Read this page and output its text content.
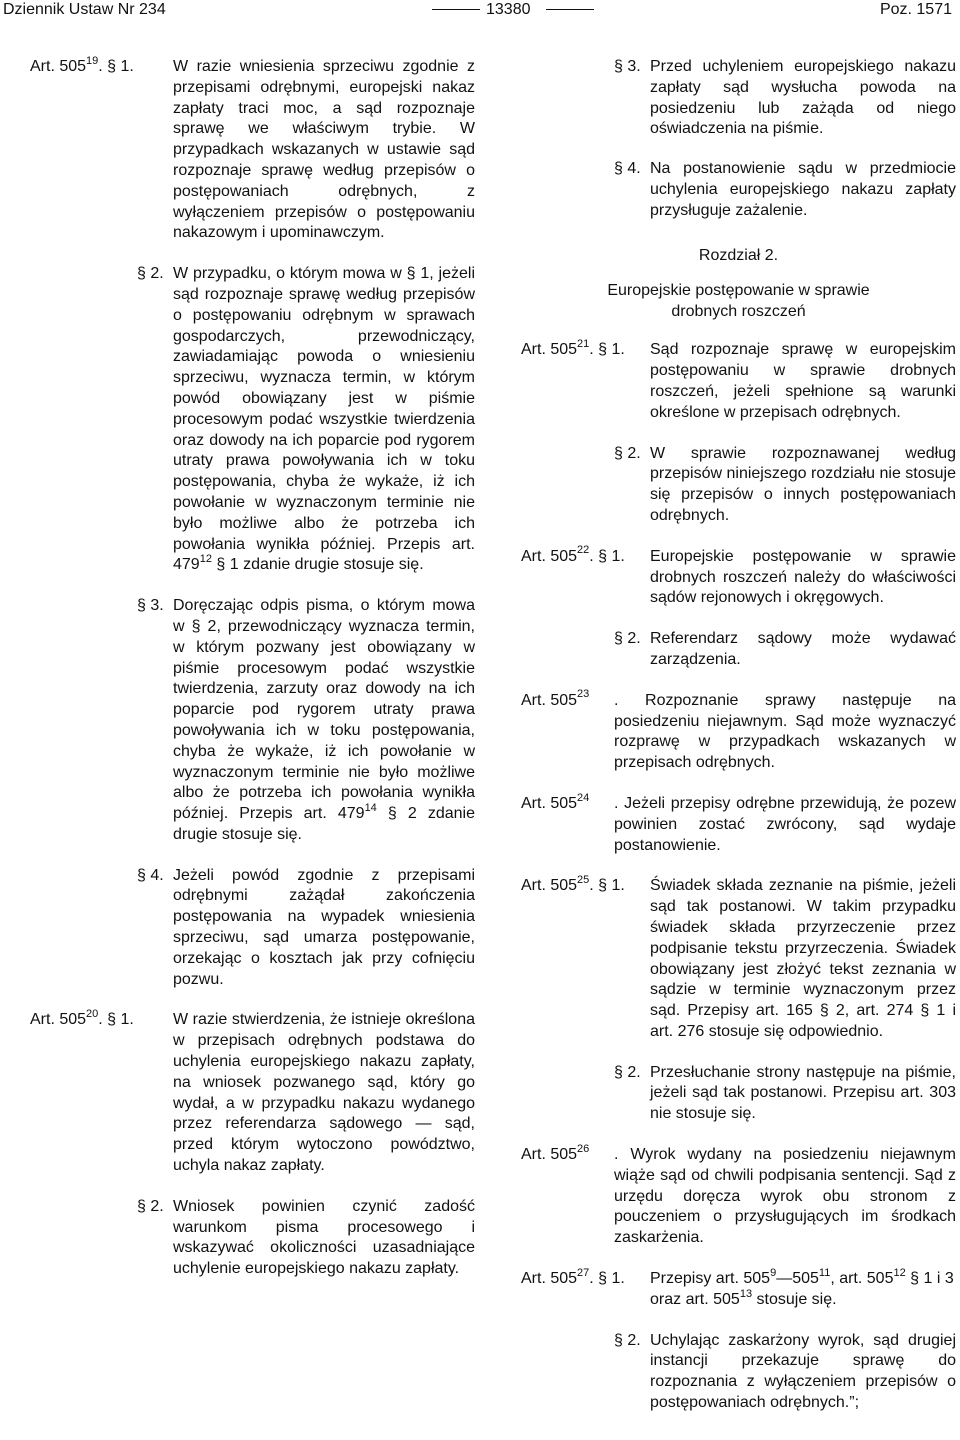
Dziennik Ustaw Nr 234	13380	Poz. 1571
Art. $505^{19}$. § 1.	W razie wniesienia sprzeciwu zgodnie z przepisami odrębnymi, europejski nakaz zapłaty traci moc, a sąd rozpoznaje sprawę we właściwym trybie. W przypadkach wskazanych w ustawie sąd rozpoznaje sprawę według przepisów o postępowaniach odrębnych, z wyłączeniem przepisów o postępowaniu nakazowym i upominawczym.
§ 2. W przypadku, o którym mowa w § 1, jeżeli sąd rozpoznaje sprawę według przepisów o postępowaniu odrębnym w sprawach gospodarczych, przewodniczący, zawiadamiając powoda o wniesieniu sprzeciwu, wyznacza termin, w którym powód obowiązany jest w piśmie procesowym podać wszystkie twierdzenia oraz dowody na ich poparcie pod rygorem utraty prawa powoływania ich w toku postępowania, chyba że wykaże, iż ich powołanie w wyznaczonym terminie nie było możliwe albo że potrzeba ich powołania wynikła później. Przepis art. $479^{12}$ § 1 zdanie drugie stosuje się.
§ 3. Doręczając odpis pisma, o którym mowa w § 2, przewodniczący wyznacza termin, w którym pozwany jest obowiązany w piśmie procesowym podać wszystkie twierdzenia, zarzuty oraz dowody na ich poparcie pod rygorem utraty prawa powoływania ich w toku postępowania, chyba że wykaże, iż ich powołanie w wyznaczonym terminie nie było możliwe albo że potrzeba ich powołania wynikła później. Przepis art. $479^{14}$ § 2 zdanie drugie stosuje się.
§ 4. Jeżeli powód zgodnie z przepisami odrębnymi zażądał zakończenia postępowania na wypadek wniesienia sprzeciwu, sąd umarza postępowanie, orzekając o kosztach jak przy cofnięciu pozwu.
Art. $505^{20}$. § 1.	W razie stwierdzenia, że istnieje określona w przepisach odrębnych podstawa do uchylenia europejskiego nakazu zapłaty, na wniosek pozwanego sąd, który go wydał, a w przypadku nakazu wydanego przez referendarza sądowego — sąd, przed którym wytoczono powództwo, uchyla nakaz zapłaty.
§ 2. Wniosek powinien czynić zadość warunkom pisma procesowego i wskazywać okoliczności uzasadniające uchylenie europejskiego nakazu zapłaty.
§ 3. Przed uchyleniem europejskiego nakazu zapłaty sąd wysłucha powoda na posiedzeniu lub zażąda od niego oświadczenia na piśmie.
§ 4. Na postanowienie sądu w przedmiocie uchylenia europejskiego nakazu zapłaty przysługuje zażalenie.
Rozdział 2.
Europejskie postępowanie w sprawie
drobnych roszczeń
Art. $505^{21}$. § 1.	Sąd rozpoznaje sprawę w europejskim postępowaniu w sprawie drobnych roszczeń, jeżeli spełnione są warunki określone w przepisach odrębnych.
§ 2. W sprawie rozpoznawanej według przepisów niniejszego rozdziału nie stosuje się przepisów o innych postępowaniach odrębnych.
Art. $505^{22}$. § 1.	Europejskie postępowanie w sprawie drobnych roszczeń należy do właściwości sądów rejonowych i okręgowych.
§ 2. Referendarz sądowy może wydawać zarządzenia.
Art. $505^{23}$	. Rozpoznanie sprawy następuje na posiedzeniu niejawnym. Sąd może wyznaczyć rozprawę w przypadkach wskazanych w przepisach odrębnych.
Art. $505^{24}$	. Jeżeli przepisy odrębne przewidują, że pozew powinien zostać zwrócony, sąd wydaje postanowienie.
Art. $505^{25}$. § 1.	Świadek składa zeznanie na piśmie, jeżeli sąd tak postanowi. W takim przypadku świadek składa przyrzeczenie przez podpisanie tekstu przyrzeczenia. Świadek obowiązany jest złożyć tekst zeznania w sądzie w terminie wyznaczonym przez sąd. Przepisy art. 165 § 2, art. 274 § 1 i art. 276 stosuje się odpowiednio.
§ 2. Przesłuchanie strony następuje na piśmie, jeżeli sąd tak postanowi. Przepisu art. 303 nie stosuje się.
Art. $505^{26}$	. Wyrok wydany na posiedzeniu niejawnym wiąże sąd od chwili podpisania sentencji. Sąd z urzędu doręcza wyrok obu stronom z pouczeniem o przysługujących im środkach zaskarżenia.
Art. $505^{27}$. § 1.	Przepisy art. $505^9—505^{11}$, art. $505^{12}$ § 1 i 3 oraz art. $505^{13}$ stosuje się.
§ 2. Uchylając zaskarżony wyrok, sąd drugiej instancji przekazuje sprawę do rozpoznania z wyłączeniem przepisów o postępowaniach odrębnych.”;
